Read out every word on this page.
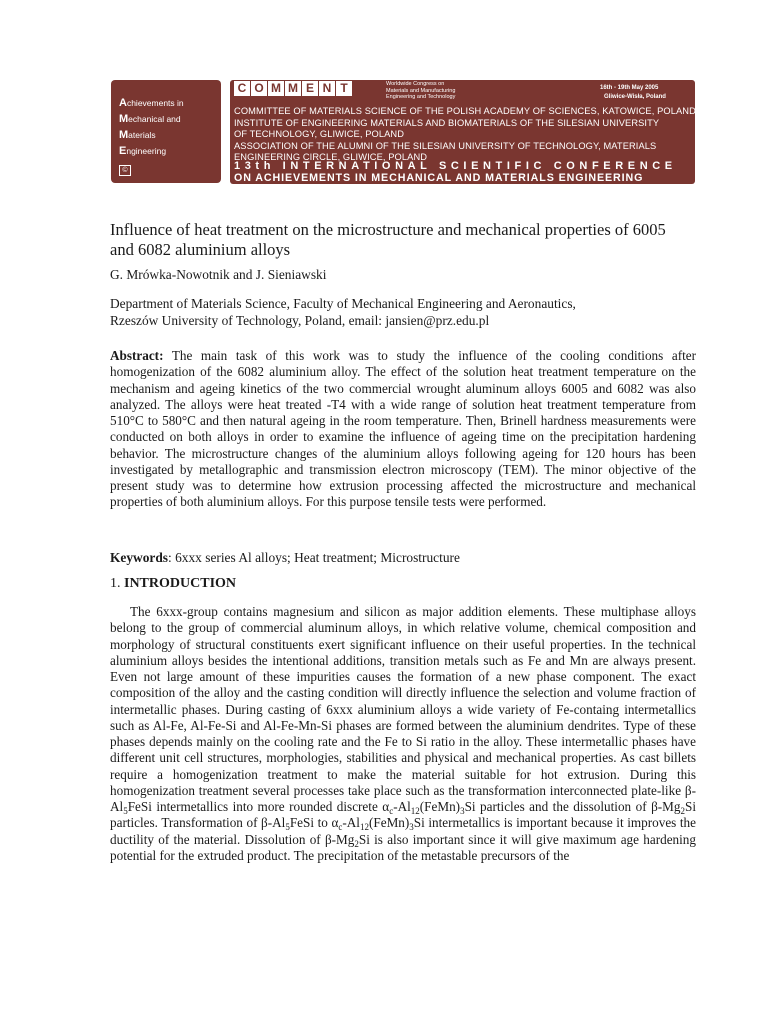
Achievements in
Mechanical and
Materials
Engineering
©
C O M M E N T	Worldwide Congress on
Materials and Manufacturing
Engineering and Technology
16th - 19th May 2005
Gliwice-Wisła, Poland
COMMITTEE OF MATERIALS SCIENCE OF THE POLISH ACADEMY OF SCIENCES, KATOWICE, POLAND
INSTITUTE OF ENGINEERING MATERIALS AND BIOMATERIALS OF THE SILESIAN UNIVERSITY
OF TECHNOLOGY, GLIWICE, POLAND
ASSOCIATION OF THE ALUMNI OF THE SILESIAN UNIVERSITY OF TECHNOLOGY, MATERIALS
ENGINEERING CIRCLE, GLIWICE, POLAND
13th INTERNATIONAL SCIENTIFIC CONFERENCE
ON ACHIEVEMENTS IN MECHANICAL AND MATERIALS ENGINEERING
Influence of heat treatment on the microstructure and mechanical properties of 6005 and 6082 aluminium alloys
G. Mrówka-Nowotnik and J. Sieniawski
Department of Materials Science, Faculty of Mechanical Engineering and Aeronautics,
Rzeszów University of Technology, Poland, email: jansien@prz.edu.pl
Abstract: The main task of this work was to study the influence of the cooling conditions after homogenization of the 6082 aluminium alloy. The effect of the solution heat treatment temperature on the mechanism and ageing kinetics of the two commercial wrought aluminum alloys 6005 and 6082 was also analyzed. The alloys were heat treated -T4 with a wide range of solution heat treatment temperature from 510°C to 580°C and then natural ageing in the room temperature. Then, Brinell hardness measurements were conducted on both alloys in order to examine the influence of ageing time on the precipitation hardening behavior. The microstructure changes of the aluminium alloys following ageing for 120 hours has been investigated by metallographic and transmission electron microscopy (TEM). The minor objective of the present study was to determine how extrusion processing affected the microstructure and mechanical properties of both aluminium alloys. For this purpose tensile tests were performed.
Keywords: 6xxx series Al alloys; Heat treatment; Microstructure
1. INTRODUCTION
The 6xxx-group contains magnesium and silicon as major addition elements. These multiphase alloys belong to the group of commercial aluminum alloys, in which relative volume, chemical composition and morphology of structural constituents exert significant influence on their useful properties. In the technical aluminium alloys besides the intentional additions, transition metals such as Fe and Mn are always present. Even not large amount of these impurities causes the formation of a new phase component. The exact composition of the alloy and the casting condition will directly influence the selection and volume fraction of intermetallic phases. During casting of 6xxx aluminium alloys a wide variety of Fe-containg intermetallics such as Al-Fe, Al-Fe-Si and Al-Fe-Mn-Si phases are formed between the aluminium dendrites. Type of these phases depends mainly on the cooling rate and the Fe to Si ratio in the alloy. These intermetallic phases have different unit cell structures, morphologies, stabilities and physical and mechanical properties. As cast billets require a homogenization treatment to make the material suitable for hot extrusion. During this homogenization treatment several processes take place such as the transformation interconnected plate-like $\beta-Al_5FeSi$ intermetallics into more rounded discrete $\alpha_c-Al_{12}(FeMn)_3Si$ particles and the dissolution of $\beta-Mg_2Si$ particles. Transformation of $\beta-Al_5FeSi$ to $\alpha_c-Al_{12}(FeMn)_3Si$ intermetallics is important because it improves the ductility of the material. Dissolution of $\beta-Mg_2Si$ is also important since it will give maximum age hardening potential for the extruded product. The precipitation of the metastable precursors of the
